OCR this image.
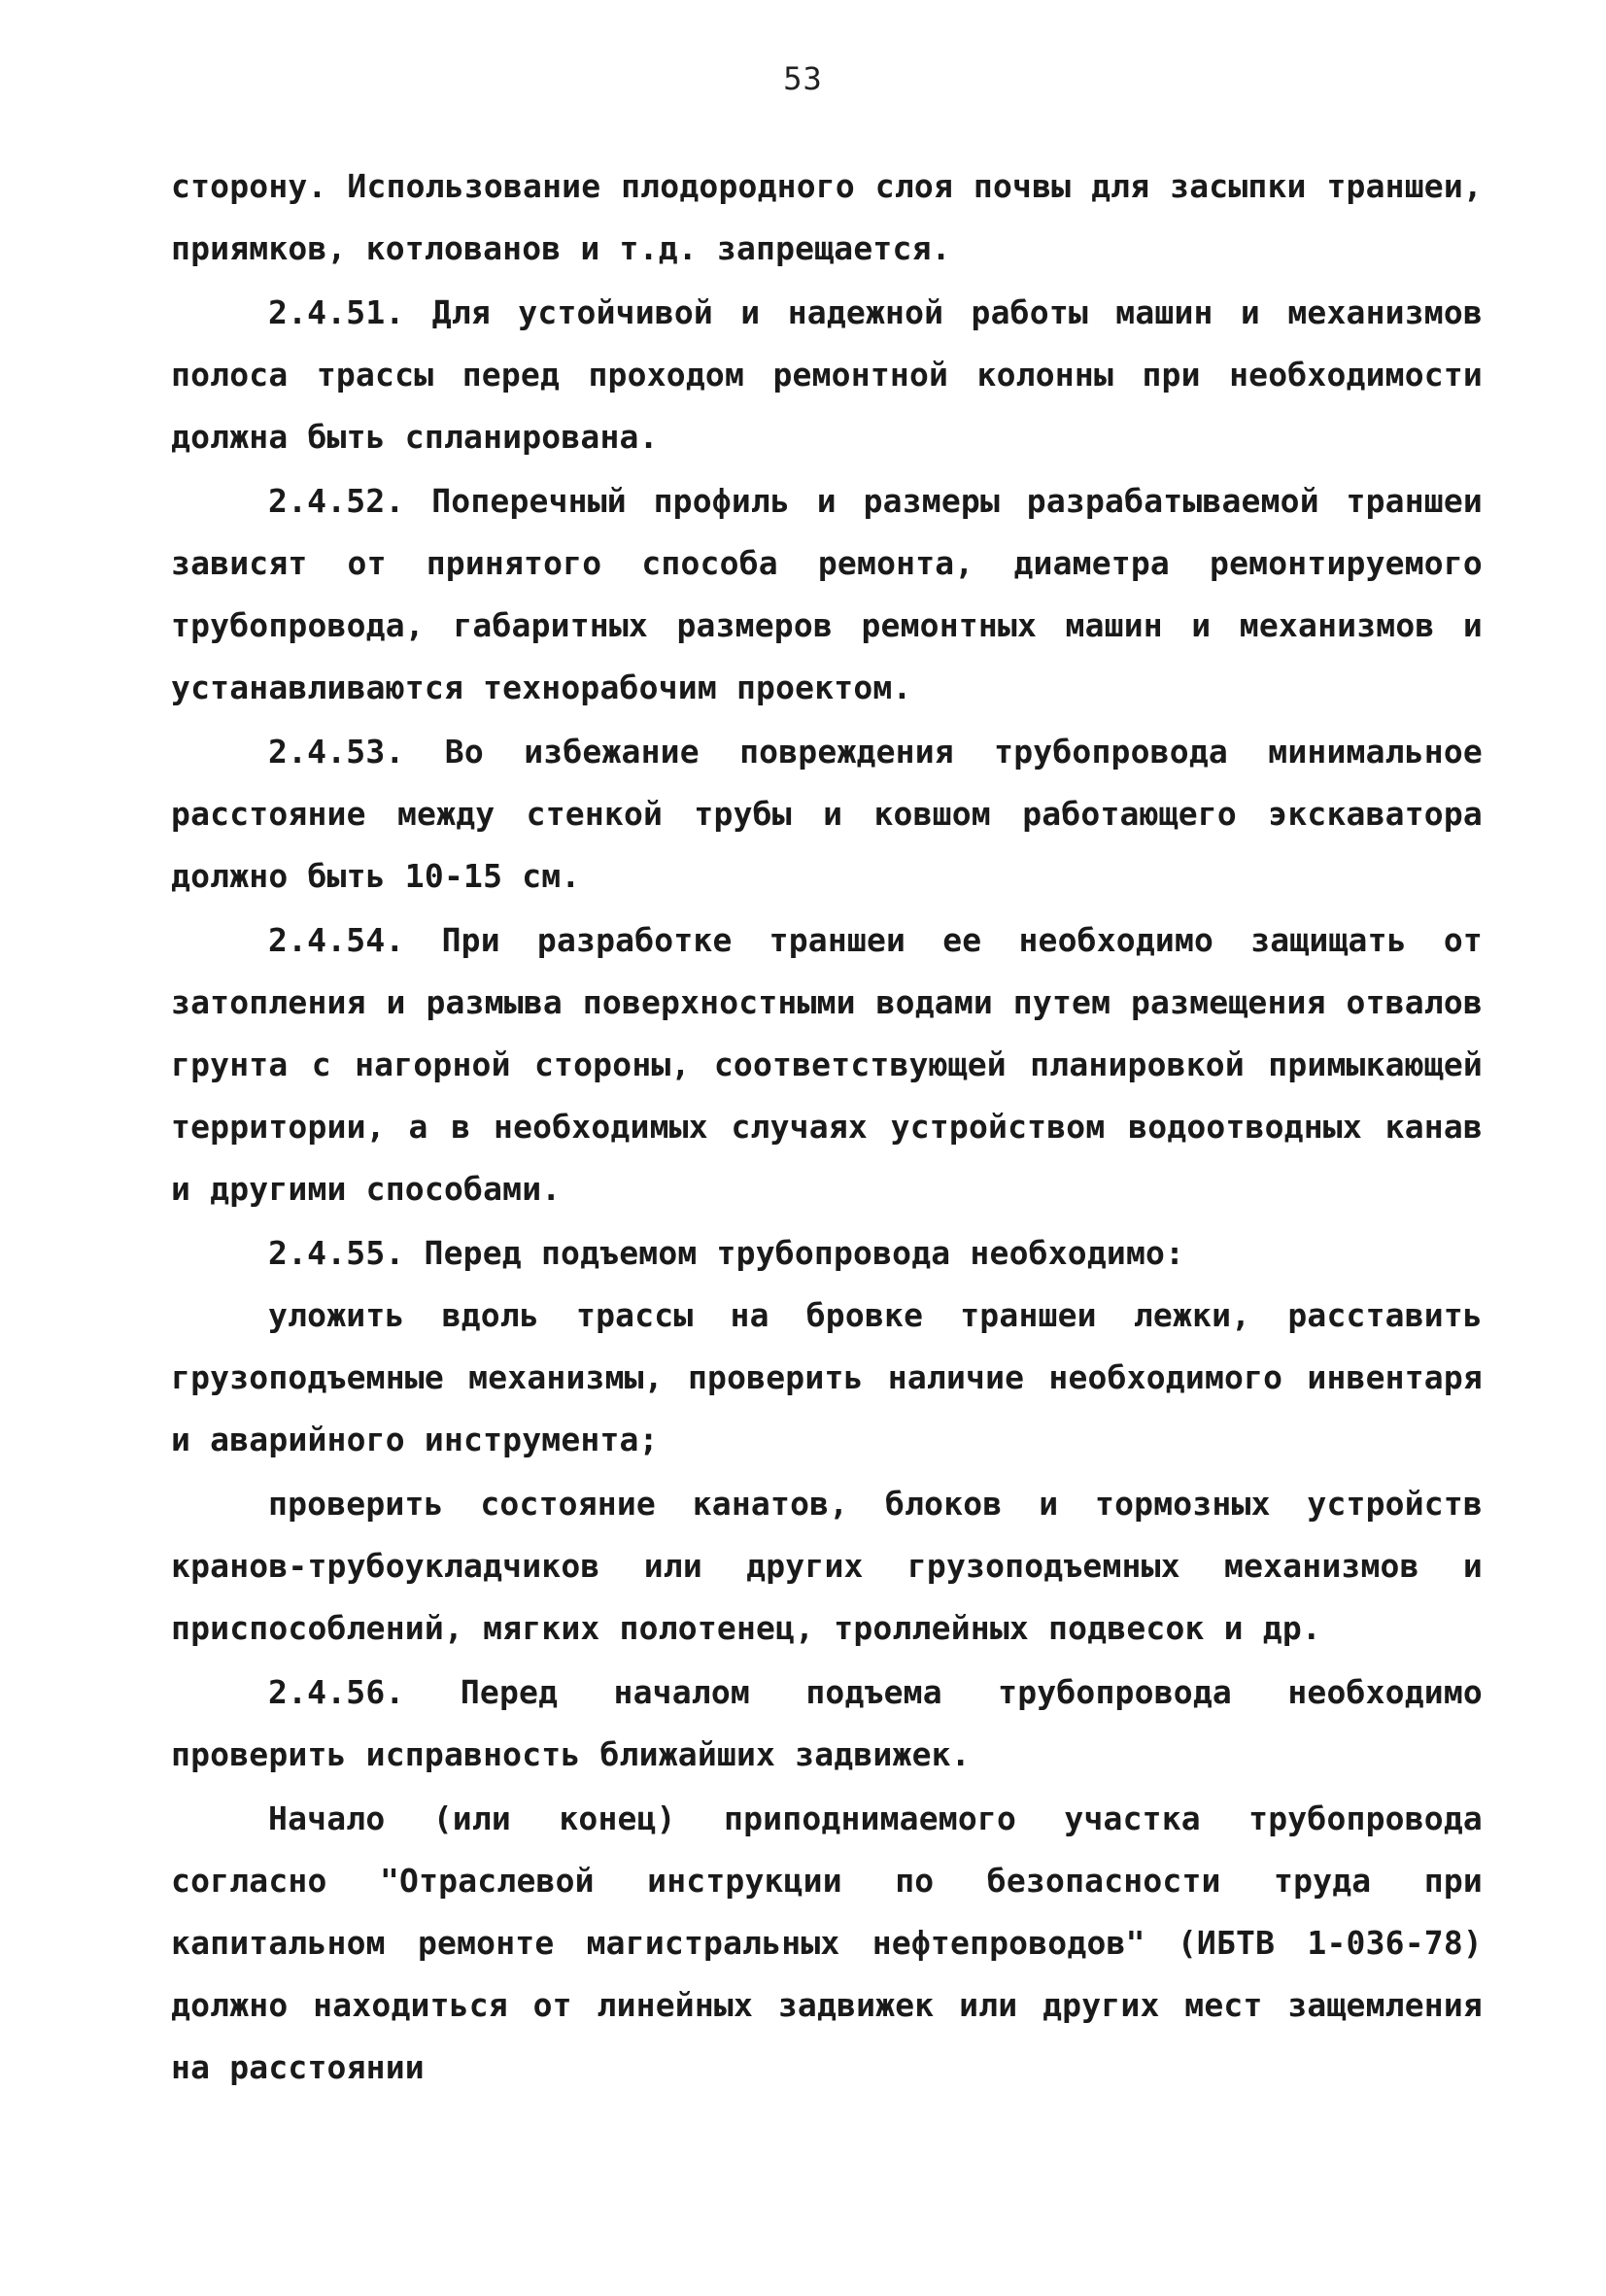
53

сторону. Использование плодородного слоя почвы для засыпки траншеи, приямков, котлованов и т.д. запрещается.

2.4.51. Для устойчивой и надежной работы машин и механизмов полоса трассы перед проходом ремонтной колонны при необходимости должна быть спланирована.

2.4.52. Поперечный профиль и размеры разрабатываемой траншеи зависят от принятого способа ремонта, диаметра ремонтируемого трубопровода, габаритных размеров ремонтных машин и механизмов и устанавливаются технорабочим проектом.

2.4.53. Во избежание повреждения трубопровода минимальное расстояние между стенкой трубы и ковшом работающего экскаватора должно быть 10-15 см.

2.4.54. При разработке траншеи ее необходимо защищать от затопления и размыва поверхностными водами путем размещения отвалов грунта с нагорной стороны, соответствующей планировкой примыкающей территории, а в необходимых случаях устройством водоотводных канав и другими способами.

2.4.55. Перед подъемом трубопровода необходимо:

уложить вдоль трассы на бровке траншеи лежки, расставить грузоподъемные механизмы, проверить наличие необходимого инвентаря и аварийного инструмента;

проверить состояние канатов, блоков и тормозных устройств кранов-трубоукладчиков или других грузоподъемных механизмов и приспособлений, мягких полотенец, троллейных подвесок и др.

2.4.56. Перед началом подъема трубопровода необходимо проверить исправность ближайших задвижек.

Начало (или конец) приподнимаемого участка трубопровода согласно "Отраслевой инструкции по безопасности труда при капитальном ремонте магистральных нефтепроводов" (ИБТВ 1-036-78) должно находиться от линейных задвижек или других мест защемления на расстоянии
